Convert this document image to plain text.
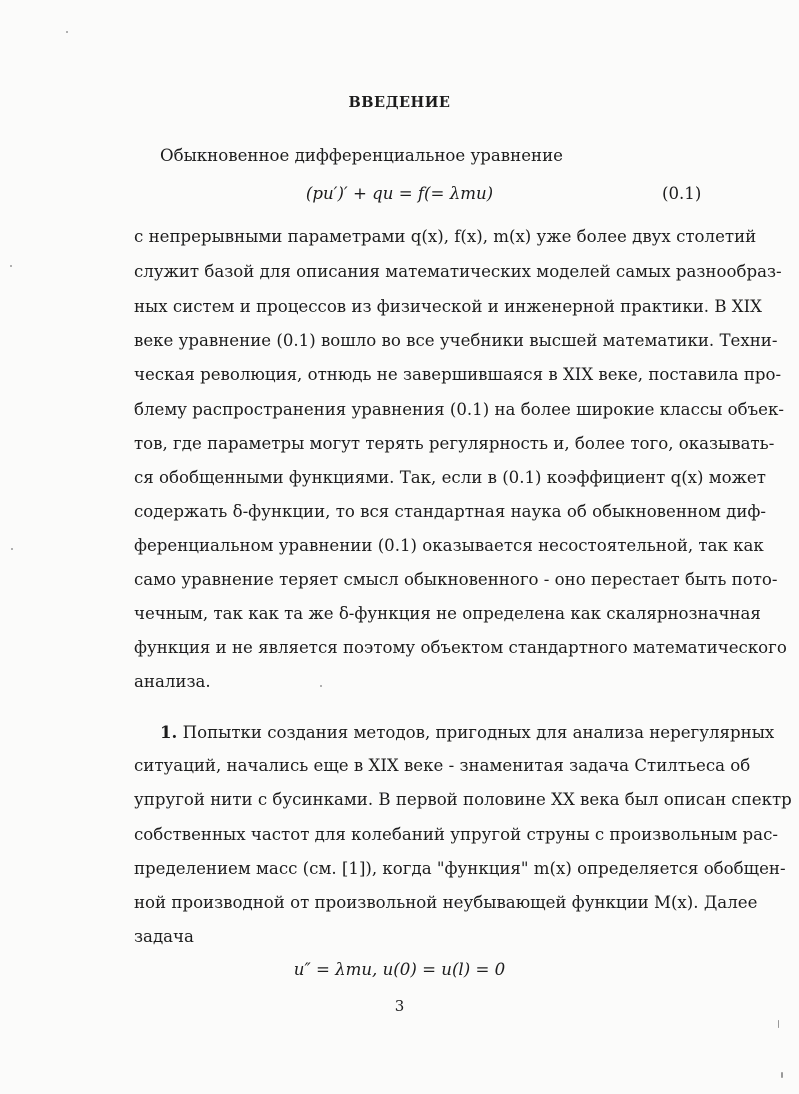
ВВЕДЕНИЕ
Обыкновенное дифференциальное уравнение
(pu′)′ + qu = f(= λmu)	(0.1)
с непрерывными параметрами q(x), f(x), m(x) уже более двух столетий
служит базой для описания математических моделей самых разнообраз-
ных систем и процессов из физической и инженерной практики. В XIX
веке уравнение (0.1) вошло во все учебники высшей математики. Техни-
ческая революция, отнюдь не завершившаяся в XIX веке, поставила про-
блему распространения уравнения (0.1) на более широкие классы объек-
тов, где параметры могут терять регулярность и, более того, оказывать-
ся обобщенными функциями. Так, если в (0.1) коэффициент q(x) может
содержать δ-функции, то вся стандартная наука об обыкновенном диф-
ференциальном уравнении (0.1) оказывается несостоятельной, так как
само уравнение теряет смысл обыкновенного - оно перестает быть пото-
чечным, так как та же δ-функция не определена как скалярнозначная
функция и не является поэтому объектом стандартного математического
анализа.
1. Попытки создания методов, пригодных для анализа нерегулярных
ситуаций, начались еще в XIX веке - знаменитая задача Стилтьеса об
упругой нити с бусинками. В первой половине XX века был описан спектр
собственных частот для колебаний упругой струны с произвольным рас-
пределением масс (см. [1]), когда "функция" m(x) определяется обобщен-
ной производной от произвольной неубывающей функции M(x). Далее
задача
u″ = λmu, u(0) = u(l) = 0
3
